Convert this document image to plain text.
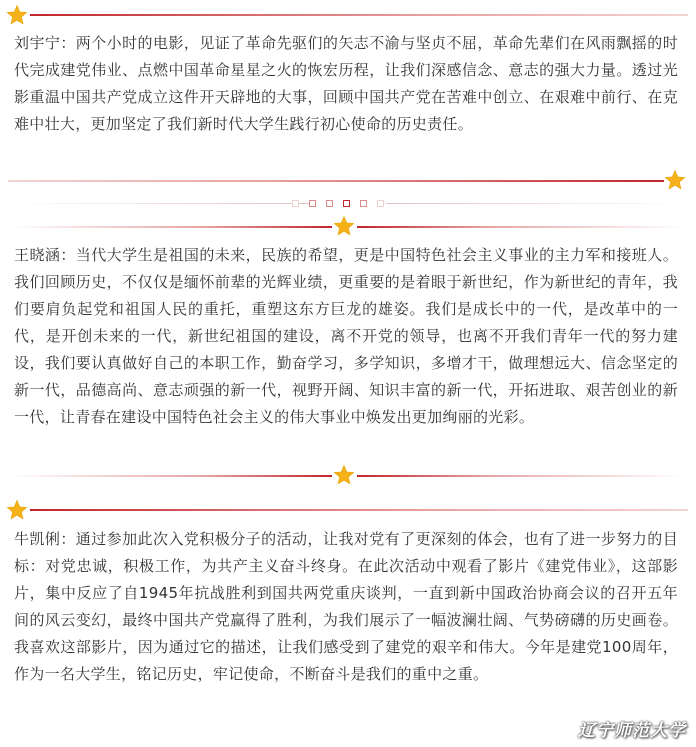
刘宇宁：两个小时的电影，见证了革命先驱们的矢志不渝与坚贞不屈，革命先辈们在风雨飘摇的时代完成建党伟业、点燃中国革命星星之火的恢宏历程，让我们深感信念、意志的强大力量。透过光影重温中国共产党成立这件开天辟地的大事，回顾中国共产党在苦难中创立、在艰难中前行、在克难中壮大，更加坚定了我们新时代大学生践行初心使命的历史责任。

王晓涵：当代大学生是祖国的未来，民族的希望，更是中国特色社会主义事业的主力军和接班人。我们回顾历史，不仅仅是缅怀前辈的光辉业绩，更重要的是着眼于新世纪，作为新世纪的青年，我们要肩负起党和祖国人民的重托，重塑这东方巨龙的雄姿。我们是成长中的一代，是改革中的一代，是开创未来的一代，新世纪祖国的建设，离不开党的领导，也离不开我们青年一代的努力建设，我们要认真做好自己的本职工作，勤奋学习，多学知识，多增才干，做理想远大、信念坚定的新一代，品德高尚、意志顽强的新一代，视野开阔、知识丰富的新一代，开拓进取、艰苦创业的新一代，让青春在建设中国特色社会主义的伟大事业中焕发出更加绚丽的光彩。

牛凯俐：通过参加此次入党积极分子的活动，让我对党有了更深刻的体会，也有了进一步努力的目标：对党忠诚，积极工作，为共产主义奋斗终身。在此次活动中观看了影片《建党伟业》，这部影片，集中反应了自1945年抗战胜利到国共两党重庆谈判，一直到新中国政治协商会议的召开五年间的风云变幻，最终中国共产党赢得了胜利，为我们展示了一幅波澜壮阔、气势磅礴的历史画卷。我喜欢这部影片，因为通过它的描述，让我们感受到了建党的艰辛和伟大。今年是建党100周年，作为一名大学生，铭记历史，牢记使命，不断奋斗是我们的重中之重。

辽宁师范大学
